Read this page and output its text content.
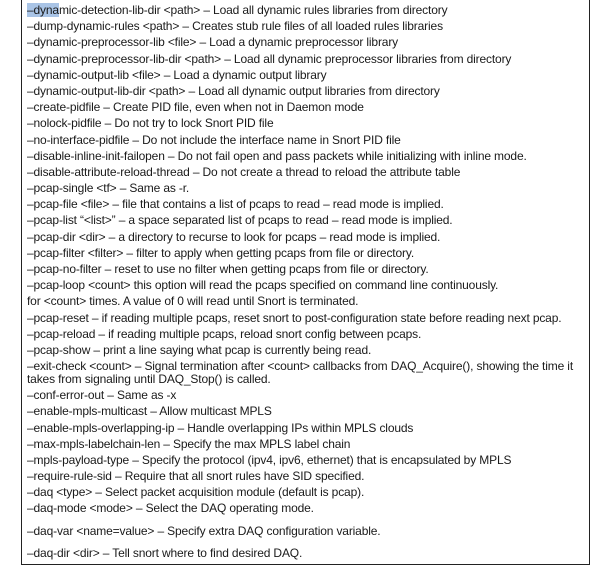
–dynamic-detection-lib-dir <path> – Load all dynamic rules libraries from directory
–dump-dynamic-rules <path> – Creates stub rule files of all loaded rules libraries
–dynamic-preprocessor-lib <file> – Load a dynamic preprocessor library
–dynamic-preprocessor-lib-dir <path> – Load all dynamic preprocessor libraries from directory
–dynamic-output-lib <file> – Load a dynamic output library
–dynamic-output-lib-dir <path> – Load all dynamic output libraries from directory
–create-pidfile – Create PID file, even when not in Daemon mode
–nolock-pidfile – Do not try to lock Snort PID file
–no-interface-pidfile – Do not include the interface name in Snort PID file
–disable-inline-init-failopen – Do not fail open and pass packets while initializing with inline mode.
–disable-attribute-reload-thread – Do not create a thread to reload the attribute table
–pcap-single <tf> – Same as -r.
–pcap-file <file> – file that contains a list of pcaps to read – read mode is implied.
–pcap-list “<list>” – a space separated list of pcaps to read – read mode is implied.
–pcap-dir <dir> – a directory to recurse to look for pcaps – read mode is implied.
–pcap-filter <filter> – filter to apply when getting pcaps from file or directory.
–pcap-no-filter – reset to use no filter when getting pcaps from file or directory.
–pcap-loop <count> this option will read the pcaps specified on command line continuously.
for <count> times. A value of 0 will read until Snort is terminated.
–pcap-reset – if reading multiple pcaps, reset snort to post-configuration state before reading next pcap.
–pcap-reload – if reading multiple pcaps, reload snort config between pcaps.
–pcap-show – print a line saying what pcap is currently being read.
–exit-check <count> – Signal termination after <count> callbacks from DAQ_Acquire(), showing the time it takes from signaling until DAQ_Stop() is called.
–conf-error-out – Same as -x
–enable-mpls-multicast – Allow multicast MPLS
–enable-mpls-overlapping-ip – Handle overlapping IPs within MPLS clouds
–max-mpls-labelchain-len – Specify the max MPLS label chain
–mpls-payload-type – Specify the protocol (ipv4, ipv6, ethernet) that is encapsulated by MPLS
–require-rule-sid – Require that all snort rules have SID specified.
–daq <type> – Select packet acquisition module (default is pcap).
–daq-mode <mode> – Select the DAQ operating mode.
–daq-var <name=value> – Specify extra DAQ configuration variable.
–daq-dir <dir> – Tell snort where to find desired DAQ.
